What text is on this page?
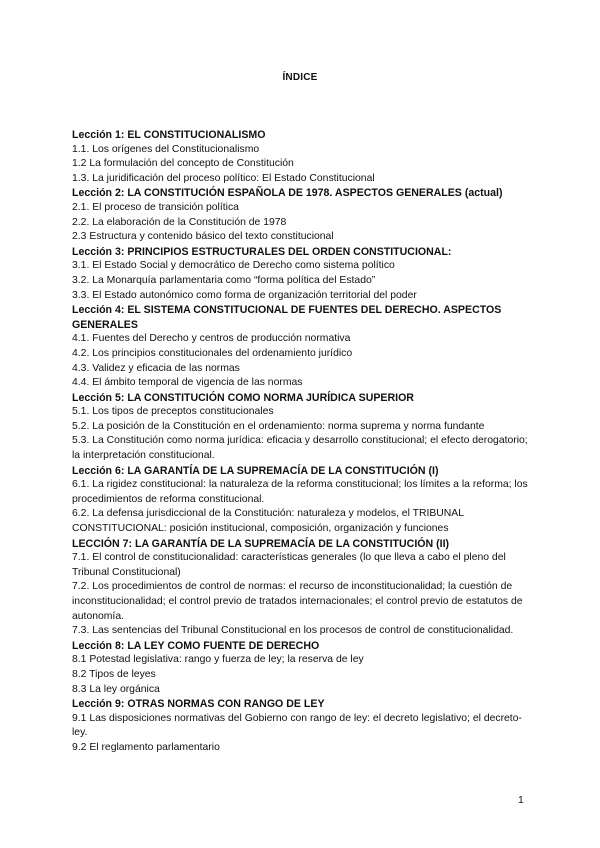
ÍNDICE
Lección 1: EL CONSTITUCIONALISMO
1.1. Los orígenes del Constitucionalismo
1.2 La formulación del concepto de Constitución
1.3. La juridificación del proceso político: El Estado Constitucional
Lección 2: LA CONSTITUCIÓN ESPAÑOLA DE 1978. ASPECTOS GENERALES (actual)
2.1. El proceso de transición política
2.2. La elaboración de la Constitución de 1978
2.3 Estructura y contenido básico del texto constitucional
Lección 3: PRINCIPIOS ESTRUCTURALES DEL ORDEN CONSTITUCIONAL:
3.1. El Estado Social y democrático de Derecho como sistema político
3.2. La Monarquía parlamentaria como “forma política del Estado”
3.3. El Estado autonómico como forma de organización territorial del poder
Lección 4: EL SISTEMA CONSTITUCIONAL DE FUENTES DEL DERECHO. ASPECTOS GENERALES
4.1. Fuentes del Derecho y centros de producción normativa
4.2. Los principios constitucionales del ordenamiento jurídico
4.3. Validez y eficacia de las normas
4.4. El ámbito temporal de vigencia de las normas
Lección 5: LA CONSTITUCIÓN COMO NORMA JURÍDICA SUPERIOR
5.1. Los tipos de preceptos constitucionales
5.2. La posición de la Constitución en el ordenamiento: norma suprema y norma fundante
5.3. La Constitución como norma jurídica: eficacia y desarrollo constitucional; el efecto derogatorio; la interpretación constitucional.
Lección 6: LA GARANTÍA DE LA SUPREMACÍA DE LA CONSTITUCIÓN (I)
6.1. La rigidez constitucional: la naturaleza de la reforma constitucional; los límites a la reforma; los procedimientos de reforma constitucional.
6.2. La defensa jurisdiccional de la Constitución: naturaleza y modelos, el TRIBUNAL CONSTITUCIONAL: posición institucional, composición, organización y funciones
LECCIÓN 7: LA GARANTÍA DE LA SUPREMACÍA DE LA CONSTITUCIÓN (II)
7.1. El control de constitucionalidad: características generales (lo que lleva a cabo el pleno del Tribunal Constitucional)
7.2. Los procedimientos de control de normas: el recurso de inconstitucionalidad; la cuestión de inconstitucionalidad; el control previo de tratados internacionales; el control previo de estatutos de autonomía.
7.3. Las sentencias del Tribunal Constitucional en los procesos de control de constitucionalidad.
Lección 8: LA LEY COMO FUENTE DE DERECHO
8.1 Potestad legislativa: rango y fuerza de ley; la reserva de ley
8.2 Tipos de leyes
8.3 La ley orgánica
Lección 9: OTRAS NORMAS CON RANGO DE LEY
9.1 Las disposiciones normativas del Gobierno con rango de ley: el decreto legislativo; el decreto-ley.
9.2 El reglamento parlamentario
1
